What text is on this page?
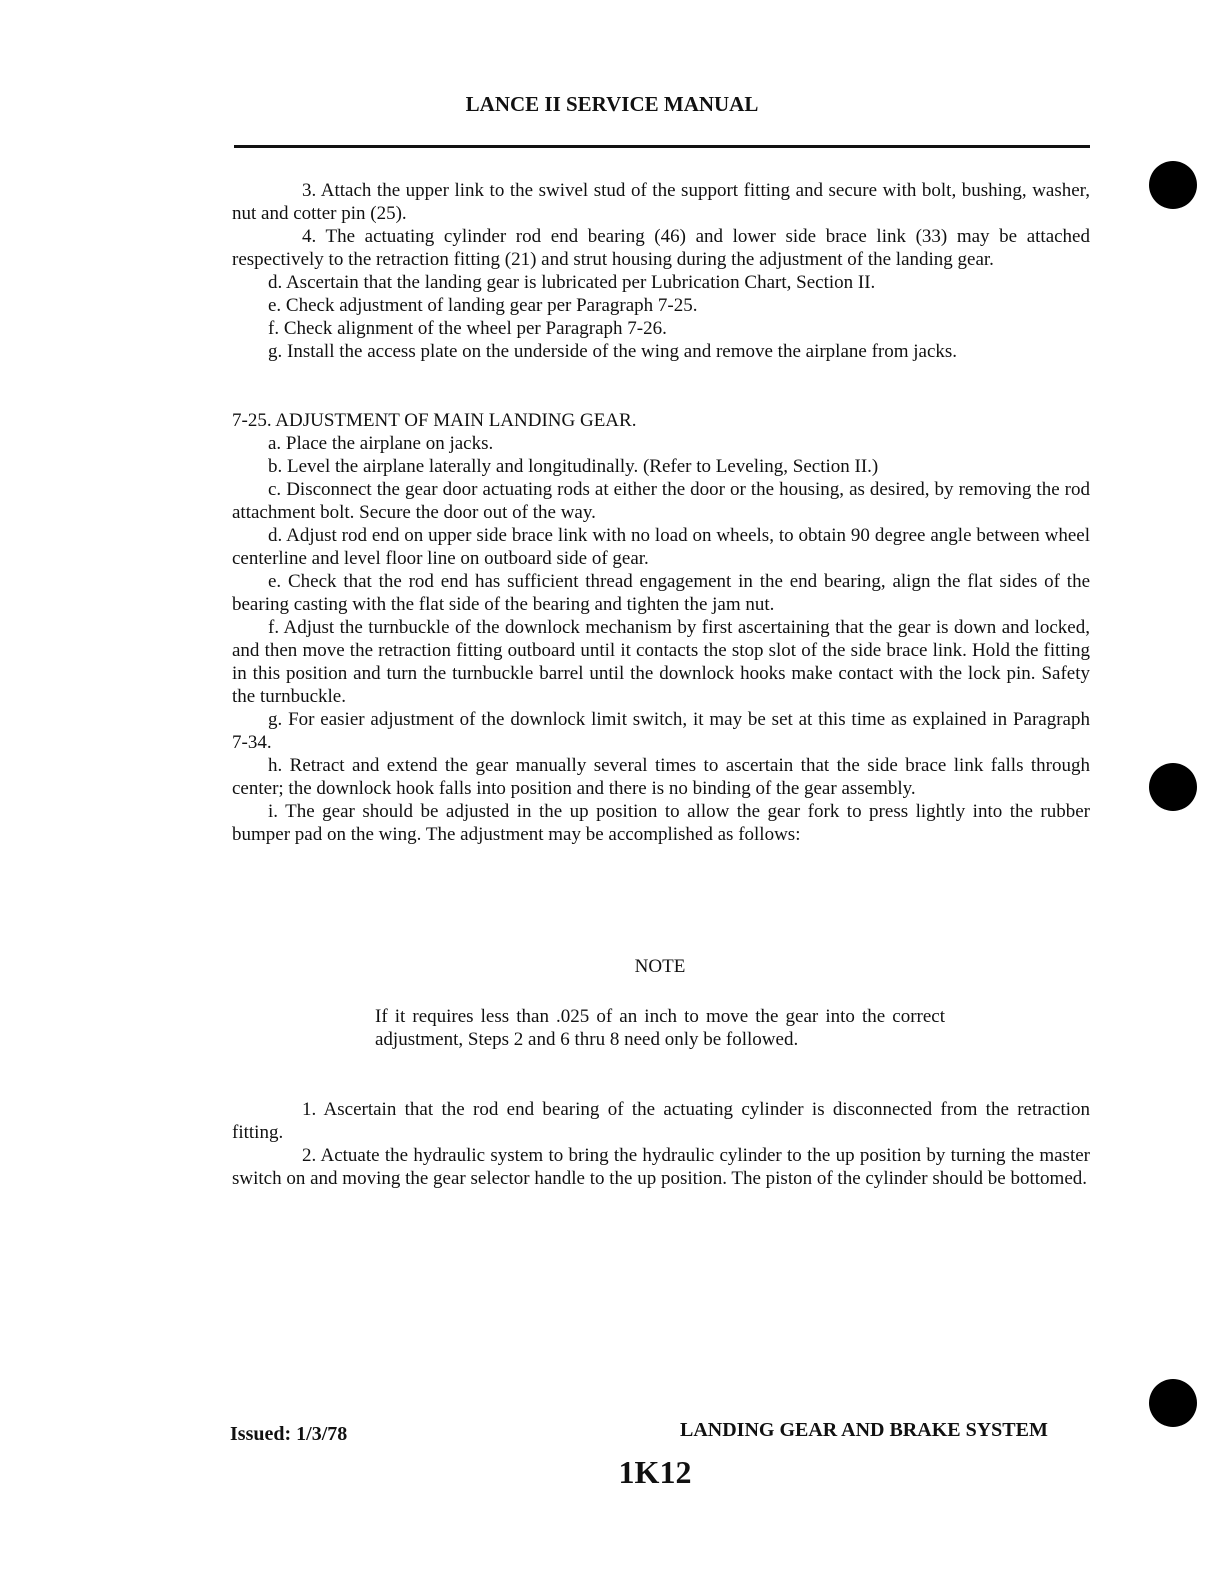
LANCE II SERVICE MANUAL

3. Attach the upper link to the swivel stud of the support fitting and secure with bolt, bushing, washer, nut and cotter pin (25).

4. The actuating cylinder rod end bearing (46) and lower side brace link (33) may be attached respectively to the retraction fitting (21) and strut housing during the adjustment of the landing gear.

d. Ascertain that the landing gear is lubricated per Lubrication Chart, Section II.

e. Check adjustment of landing gear per Paragraph 7-25.

f. Check alignment of the wheel per Paragraph 7-26.

g. Install the access plate on the underside of the wing and remove the airplane from jacks.

7-25. ADJUSTMENT OF MAIN LANDING GEAR.

a. Place the airplane on jacks.

b. Level the airplane laterally and longitudinally. (Refer to Leveling, Section II.)

c. Disconnect the gear door actuating rods at either the door or the housing, as desired, by removing the rod attachment bolt. Secure the door out of the way.

d. Adjust rod end on upper side brace link with no load on wheels, to obtain 90 degree angle between wheel centerline and level floor line on outboard side of gear.

e. Check that the rod end has sufficient thread engagement in the end bearing, align the flat sides of the bearing casting with the flat side of the bearing and tighten the jam nut.

f. Adjust the turnbuckle of the downlock mechanism by first ascertaining that the gear is down and locked, and then move the retraction fitting outboard until it contacts the stop slot of the side brace link. Hold the fitting in this position and turn the turnbuckle barrel until the downlock hooks make contact with the lock pin. Safety the turnbuckle.

g. For easier adjustment of the downlock limit switch, it may be set at this time as explained in Paragraph 7-34.

h. Retract and extend the gear manually several times to ascertain that the side brace link falls through center; the downlock hook falls into position and there is no binding of the gear assembly.

i. The gear should be adjusted in the up position to allow the gear fork to press lightly into the rubber bumper pad on the wing. The adjustment may be accomplished as follows:

NOTE
If it requires less than .025 of an inch to move the gear into the correct adjustment, Steps 2 and 6 thru 8 need only be followed.

1. Ascertain that the rod end bearing of the actuating cylinder is disconnected from the retraction fitting.

2. Actuate the hydraulic system to bring the hydraulic cylinder to the up position by turning the master switch on and moving the gear selector handle to the up position. The piston of the cylinder should be bottomed.

Issued: 1/3/78	LANDING GEAR AND BRAKE SYSTEM
1K12
